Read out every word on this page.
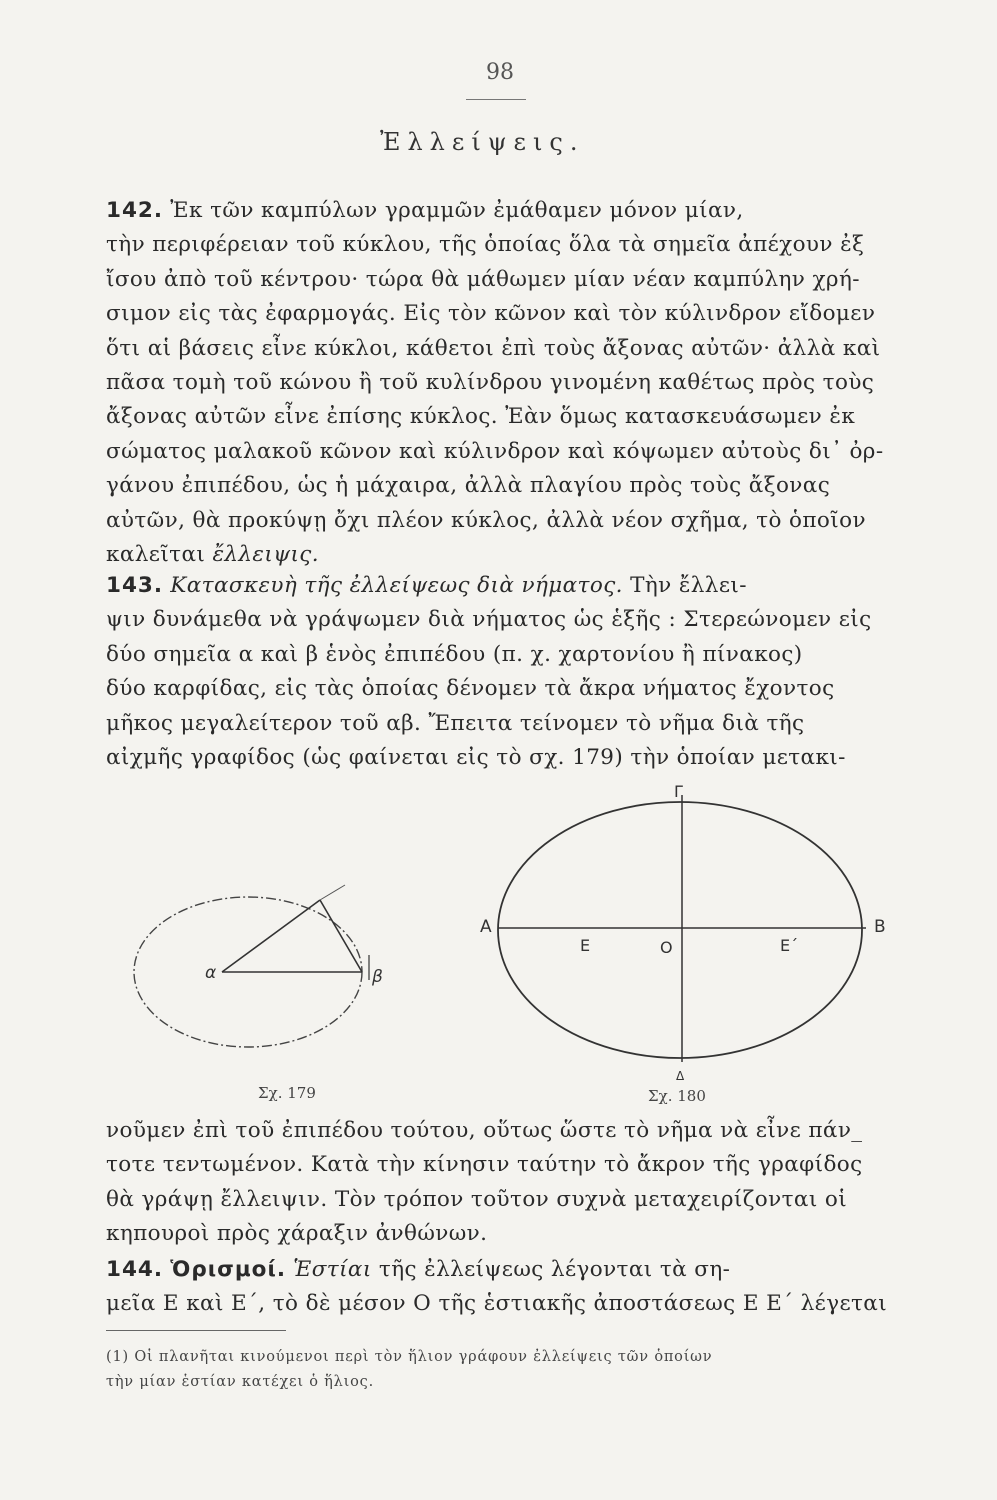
98
Ἐλλείψεις.
142. Ἐκ τῶν καμπύλων γραμμῶν ἐμάθαμεν μόνον μίαν,
τὴν περιφέρειαν τοῦ κύκλου, τῆς ὁποίας ὅλα τὰ σημεῖα ἀπέχουν ἐξ
ἴσου ἀπὸ τοῦ κέντρου· τώρα θὰ μάθωμεν μίαν νέαν καμπύλην χρή-
σιμον εἰς τὰς ἐφαρμογάς. Εἰς τὸν κῶνον καὶ τὸν κύλινδρον εἴδομεν
ὅτι αἱ βάσεις εἶνε κύκλοι, κάθετοι ἐπὶ τοὺς ἄξονας αὐτῶν· ἀλλὰ καὶ
πᾶσα τομὴ τοῦ κώνου ἢ τοῦ κυλίνδρου γινομένη καθέτως πρὸς τοὺς
ἄξονας αὐτῶν εἶνε ἐπίσης κύκλος. Ἐὰν ὅμως κατασκευάσωμεν ἐκ
σώματος μαλακοῦ κῶνον καὶ κύλινδρον καὶ κόψωμεν αὐτοὺς δι᾽ ὀρ-
γάνου ἐπιπέδου, ὡς ἡ μάχαιρα, ἀλλὰ πλαγίου πρὸς τοὺς ἄξονας
αὐτῶν, θὰ προκύψῃ ὄχι πλέον κύκλος, ἀλλὰ νέον σχῆμα, τὸ ὁποῖον
καλεῖται ἔλλειψις.
143. Κατασκευὴ τῆς ἐλλείψεως διὰ νήματος. Τὴν ἔλλει-
ψιν δυνάμεθα νὰ γράψωμεν διὰ νήματος ὡς ἑξῆς : Στερεώνομεν εἰς
δύο σημεῖα α καὶ β ἑνὸς ἐπιπέδου (π. χ. χαρτονίου ἢ πίνακος)
δύο καρφίδας, εἰς τὰς ὁποίας δένομεν τὰ ἄκρα νήματος ἔχοντος
μῆκος μεγαλείτερον τοῦ αβ. Ἔπειτα τείνομεν τὸ νῆμα διὰ τῆς
αἰχμῆς γραφίδος (ὡς φαίνεται εἰς τὸ σχ. 179) τὴν ὁποίαν μετακι-
α	β
Α	Β
Γ
Δ
Ε	Ε΄
Ο
Σχ. 179	Σχ. 180
νοῦμεν ἐπὶ τοῦ ἐπιπέδου τούτου, οὕτως ὥστε τὸ νῆμα νὰ εἶνε πάν_
τοτε τεντωμένον. Κατὰ τὴν κίνησιν ταύτην τὸ ἄκρον τῆς γραφίδος
θὰ γράψῃ ἔλλειψιν. Τὸν τρόπον τοῦτον συχνὰ μεταχειρίζονται οἱ
κηπουροὶ πρὸς χάραξιν ἀνθώνων.
144. Ὁρισμοί. Ἑστίαι τῆς ἐλλείψεως λέγονται τὰ ση-
μεῖα Ε καὶ Ε΄, τὸ δὲ μέσον Ο τῆς ἑστιακῆς ἀποστάσεως Ε Ε΄ λέγεται
(1) Οἱ πλανῆται κινούμενοι περὶ τὸν ἥλιον γράφουν ἐλλείψεις τῶν ὁποίων
τὴν μίαν ἑστίαν κατέχει ὁ ἥλιος.
